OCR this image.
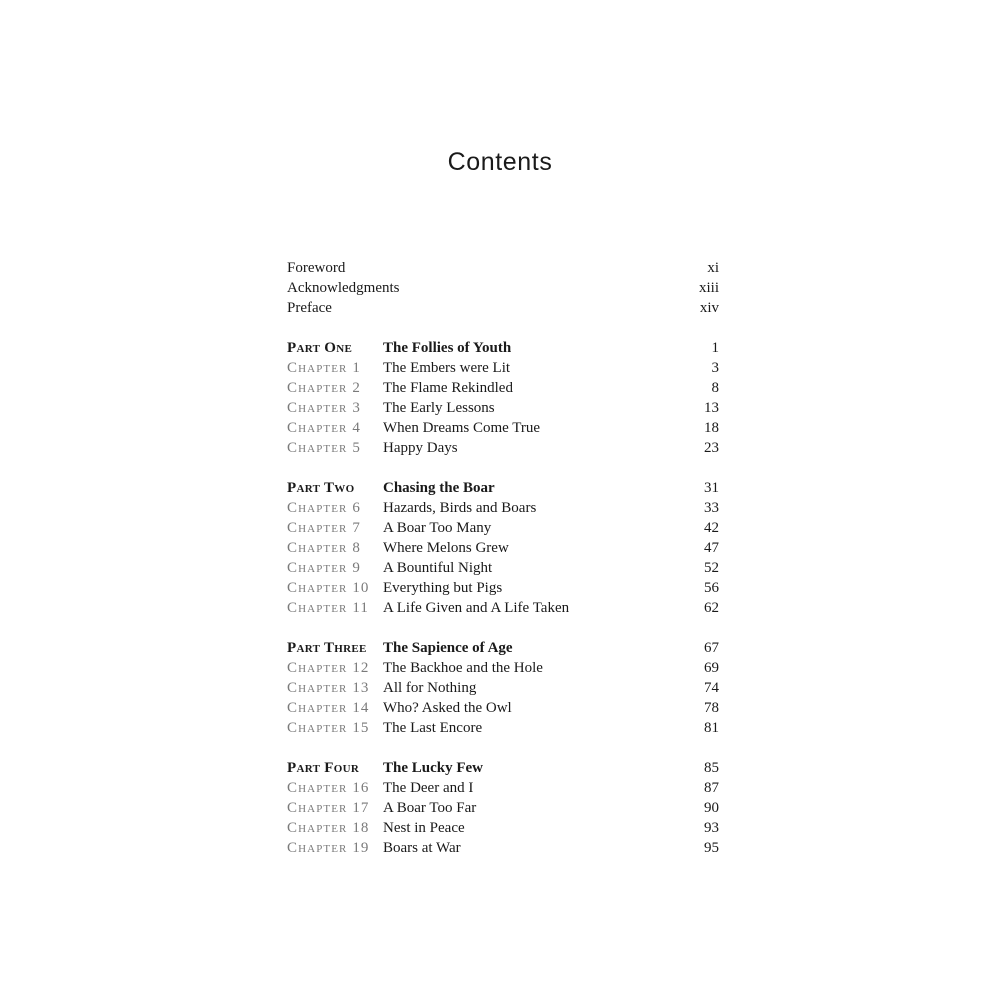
Contents
Foreword	xi
Acknowledgments	xiii
Preface	xiv
Part One	The Follies of Youth	1
Chapter 1	The Embers were Lit	3
Chapter 2	The Flame Rekindled	8
Chapter 3	The Early Lessons	13
Chapter 4	When Dreams Come True	18
Chapter 5	Happy Days	23
Part Two	Chasing the Boar	31
Chapter 6	Hazards, Birds and Boars	33
Chapter 7	A Boar Too Many	42
Chapter 8	Where Melons Grew	47
Chapter 9	A Bountiful Night	52
Chapter 10 Everything but Pigs	56
Chapter 11 A Life Given and A Life Taken	62
Part Three	The Sapience of Age	67
Chapter 12 The Backhoe and the Hole	69
Chapter 13 All for Nothing	74
Chapter 14 Who? Asked the Owl	78
Chapter 15 The Last Encore	81
Part Four	The Lucky Few	85
Chapter 16 The Deer and I	87
Chapter 17 A Boar Too Far	90
Chapter 18 Nest in Peace	93
Chapter 19 Boars at War	95
